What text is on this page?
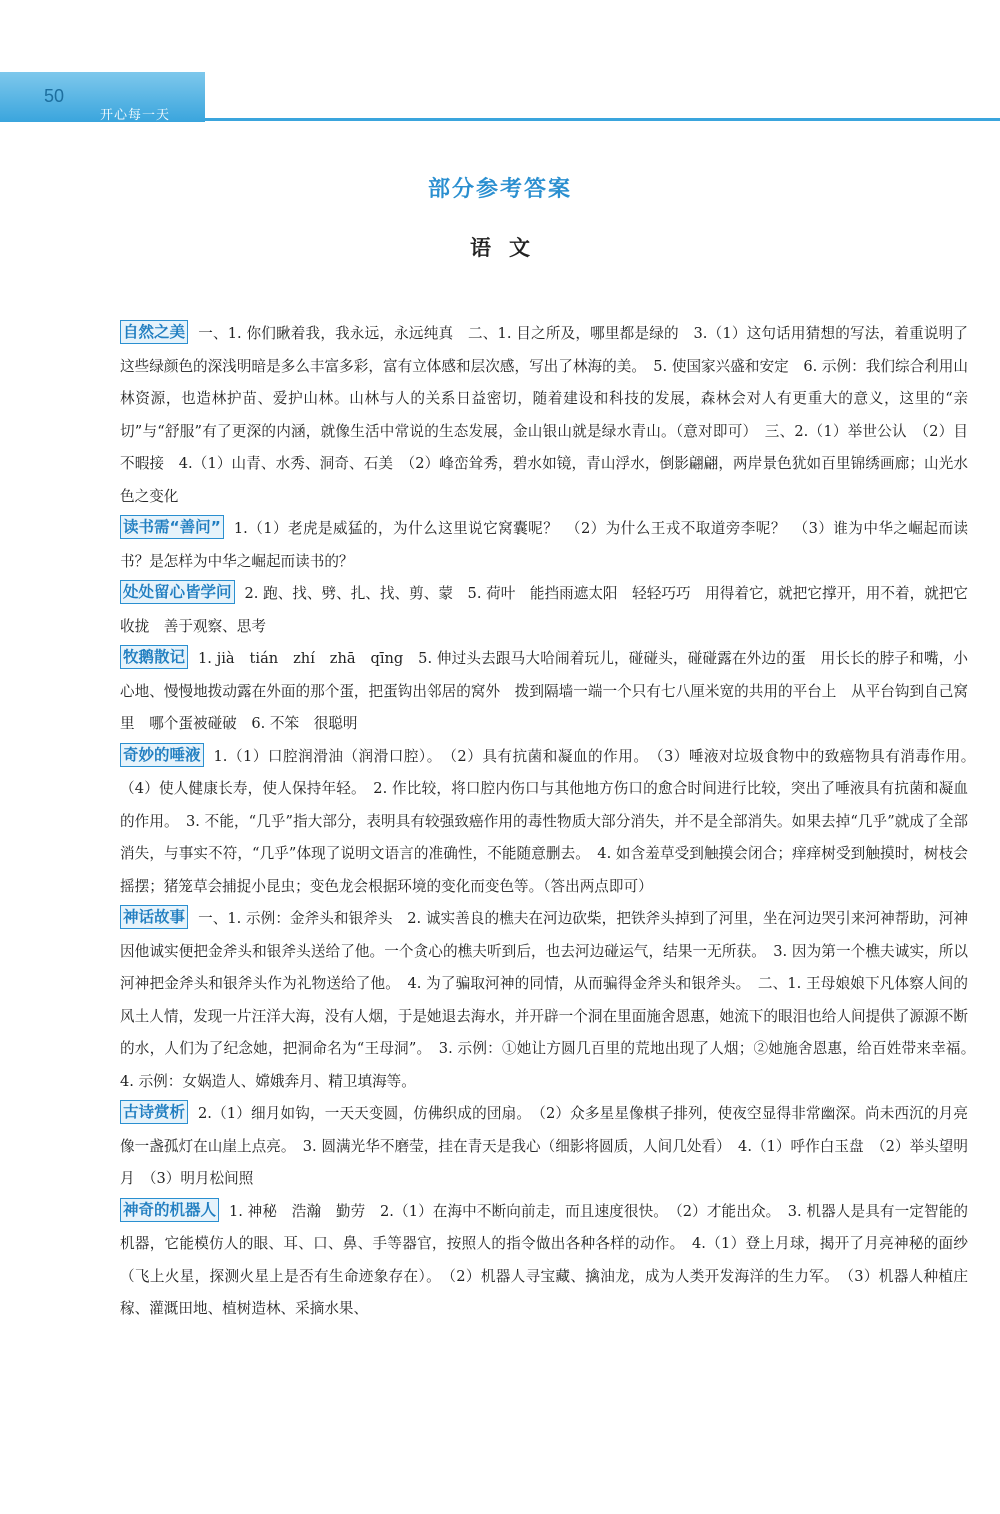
50
开心每一天
部分参考答案
语文

自然之美 一、1. 你们瞅着我，我永远，永远纯真　二、1. 目之所及，哪里都是绿的　3.（1）这句话用猜想的写法，着重说明了这些绿颜色的深浅明暗是多么丰富多彩，富有立体感和层次感，写出了林海的美。　5. 使国家兴盛和安定　6. 示例：我们综合利用山林资源，也造林护苗、爱护山林。山林与人的关系日益密切，随着建设和科技的发展，森林会对人有更重大的意义，这里的“亲切”与“舒服”有了更深的内涵，就像生活中常说的生态发展，金山银山就是绿水青山。（意对即可）　三、2.（1）举世公认　（2）目不暇接　4.（1）山青、水秀、洞奇、石美　（2）峰峦耸秀，碧水如镜，青山浮水，倒影翩翩，两岸景色犹如百里锦绣画廊；山光水色之变化

读书需“善问” 1.（1）老虎是威猛的，为什么这里说它窝囊呢？　（2）为什么王戎不取道旁李呢？　（3）谁为中华之崛起而读书？是怎样为中华之崛起而读书的？

处处留心皆学问 2. 跑、找、劈、扎、找、剪、蒙　5. 荷叶　能挡雨遮太阳　轻轻巧巧　用得着它，就把它撑开，用不着，就把它收拢　善于观察、思考

牧鹅散记 1. jià　tián　zhí　zhā　qīng　5. 伸过头去跟马大哈闹着玩儿，碰碰头，碰碰露在外边的蛋　用长长的脖子和嘴，小心地、慢慢地拨动露在外面的那个蛋，把蛋钩出邻居的窝外　拨到隔墙一端一个只有七八厘米宽的共用的平台上　从平台钩到自己窝里　哪个蛋被碰破　6. 不笨　很聪明

奇妙的唾液 1.（1）口腔润滑油（润滑口腔）。　（2）具有抗菌和凝血的作用。　（3）唾液对垃圾食物中的致癌物具有消毒作用。　（4）使人健康长寿，使人保持年轻。　2. 作比较，将口腔内伤口与其他地方伤口的愈合时间进行比较，突出了唾液具有抗菌和凝血的作用。　3. 不能，“几乎”指大部分，表明具有较强致癌作用的毒性物质大部分消失，并不是全部消失。如果去掉“几乎”就成了全部消失，与事实不符，“几乎”体现了说明文语言的准确性，不能随意删去。　4. 如含羞草受到触摸会闭合；痒痒树受到触摸时，树枝会摇摆；猪笼草会捕捉小昆虫；变色龙会根据环境的变化而变色等。（答出两点即可）

神话故事 一、1. 示例：金斧头和银斧头　2. 诚实善良的樵夫在河边砍柴，把铁斧头掉到了河里，坐在河边哭引来河神帮助，河神因他诚实便把金斧头和银斧头送给了他。一个贪心的樵夫听到后，也去河边碰运气，结果一无所获。　3. 因为第一个樵夫诚实，所以河神把金斧头和银斧头作为礼物送给了他。　4. 为了骗取河神的同情，从而骗得金斧头和银斧头。　二、1. 王母娘娘下凡体察人间的风土人情，发现一片汪洋大海，没有人烟，于是她退去海水，并开辟一个洞在里面施舍恩惠，她流下的眼泪也给人间提供了源源不断的水，人们为了纪念她，把洞命名为“王母洞”。　3. 示例：①她让方圆几百里的荒地出现了人烟；②她施舍恩惠，给百姓带来幸福。　4. 示例：女娲造人、嫦娥奔月、精卫填海等。

古诗赏析 2.（1）细月如钩，一天天变圆，仿佛织成的団扇。　（2）众多星星像棋子排列，使夜空显得非常幽深。尚未西沉的月亮像一盏孤灯在山崖上点亮。　3. 圆满光华不磨莹，挂在青天是我心（细影将圆质，人间几处看）　4.（1）呼作白玉盘　（2）举头望明月　（3）明月松间照

神奇的机器人 1. 神秘　浩瀚　勤劳　2.（1）在海中不断向前走，而且速度很快。　（2）才能出众。　3. 机器人是具有一定智能的机器，它能模仿人的眼、耳、口、鼻、手等器官，按照人的指令做出各种各样的动作。　4.（1）登上月球，揭开了月亮神秘的面纱（飞上火星，探测火星上是否有生命迹象存在）。　（2）机器人寻宝藏、擒油龙，成为人类开发海洋的生力军。　（3）机器人种植庄稼、灌溉田地、植树造林、采摘水果、
